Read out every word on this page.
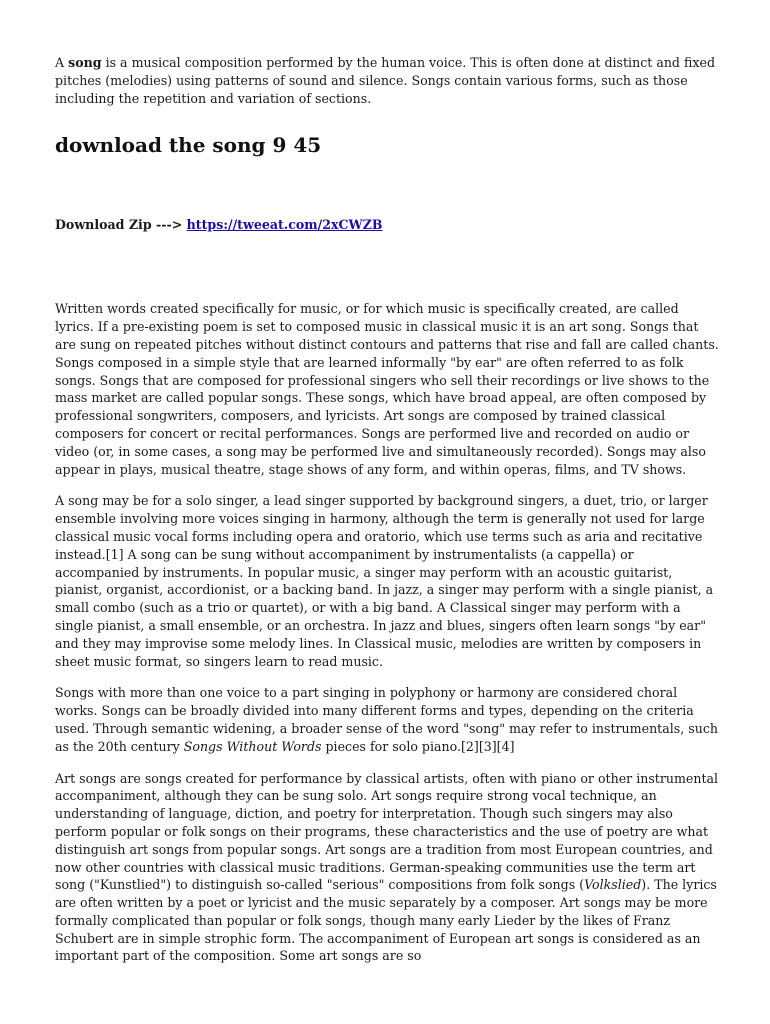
A song is a musical composition performed by the human voice. This is often done at distinct and fixed pitches (melodies) using patterns of sound and silence. Songs contain various forms, such as those including the repetition and variation of sections.

download the song 9 45
Download Zip ---> https://tweeat.com/2xCWZB

Written words created specifically for music, or for which music is specifically created, are called lyrics. If a pre-existing poem is set to composed music in classical music it is an art song. Songs that are sung on repeated pitches without distinct contours and patterns that rise and fall are called chants. Songs composed in a simple style that are learned informally "by ear" are often referred to as folk songs. Songs that are composed for professional singers who sell their recordings or live shows to the mass market are called popular songs. These songs, which have broad appeal, are often composed by professional songwriters, composers, and lyricists. Art songs are composed by trained classical composers for concert or recital performances. Songs are performed live and recorded on audio or video (or, in some cases, a song may be performed live and simultaneously recorded). Songs may also appear in plays, musical theatre, stage shows of any form, and within operas, films, and TV shows.

A song may be for a solo singer, a lead singer supported by background singers, a duet, trio, or larger ensemble involving more voices singing in harmony, although the term is generally not used for large classical music vocal forms including opera and oratorio, which use terms such as aria and recitative instead.[1] A song can be sung without accompaniment by instrumentalists (a cappella) or accompanied by instruments. In popular music, a singer may perform with an acoustic guitarist, pianist, organist, accordionist, or a backing band. In jazz, a singer may perform with a single pianist, a small combo (such as a trio or quartet), or with a big band. A Classical singer may perform with a single pianist, a small ensemble, or an orchestra. In jazz and blues, singers often learn songs "by ear" and they may improvise some melody lines. In Classical music, melodies are written by composers in sheet music format, so singers learn to read music.

Songs with more than one voice to a part singing in polyphony or harmony are considered choral works. Songs can be broadly divided into many different forms and types, depending on the criteria used. Through semantic widening, a broader sense of the word "song" may refer to instrumentals, such as the 20th century Songs Without Words pieces for solo piano.[2][3][4]

Art songs are songs created for performance by classical artists, often with piano or other instrumental accompaniment, although they can be sung solo. Art songs require strong vocal technique, an understanding of language, diction, and poetry for interpretation. Though such singers may also perform popular or folk songs on their programs, these characteristics and the use of poetry are what distinguish art songs from popular songs. Art songs are a tradition from most European countries, and now other countries with classical music traditions. German-speaking communities use the term art song ("Kunstlied") to distinguish so-called "serious" compositions from folk songs (Volkslied). The lyrics are often written by a poet or lyricist and the music separately by a composer. Art songs may be more formally complicated than popular or folk songs, though many early Lieder by the likes of Franz Schubert are in simple strophic form. The accompaniment of European art songs is considered as an important part of the composition. Some art songs are so
